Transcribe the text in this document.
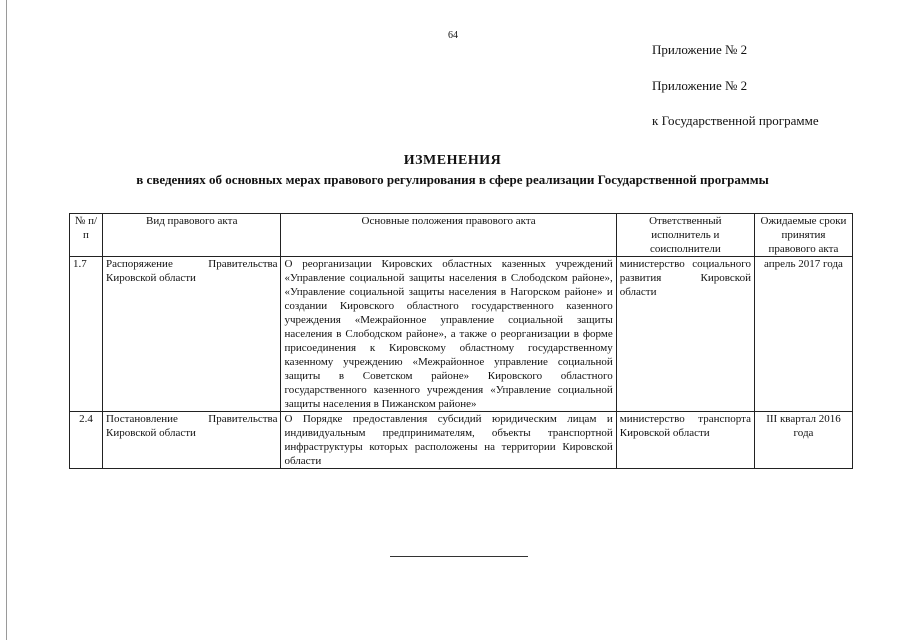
64
Приложение № 2
Приложение № 2
к Государственной программе
ИЗМЕНЕНИЯ
в сведениях об основных мерах правового регулирования в сфере реализации Государственной программы
№ п/п	Вид правового акта	Основные положения правового акта	Ответственный исполнитель и соисполнители	Ожидаемые сроки принятия правового акта
1.7	Распоряжение Правительства Кировской области	О реорганизации Кировских областных казенных учреждений «Управление социальной защиты населения в Слободском районе», «Управление социальной защиты населения в Нагорском районе» и создании Кировского областного государственного казенного учреждения «Межрайонное управление социальной защиты населения в Слободском районе», а также о реорганизации в форме присоединения к Кировскому областному государственному казенному учреждению «Межрайонное управление социальной защиты в Советском районе» Кировского областного государственного казенного учреждения «Управление социальной защиты населения в Пижанском районе»	министерство социального развития Кировской области	апрель 2017 года
2.4	Постановление Правительства Кировской области	О Порядке предоставления субсидий юридическим лицам и индивидуальным предпринимателям, объекты транспортной инфраструктуры которых расположены на территории Кировской области	министерство транспорта Кировской области	III квартал 2016 года
